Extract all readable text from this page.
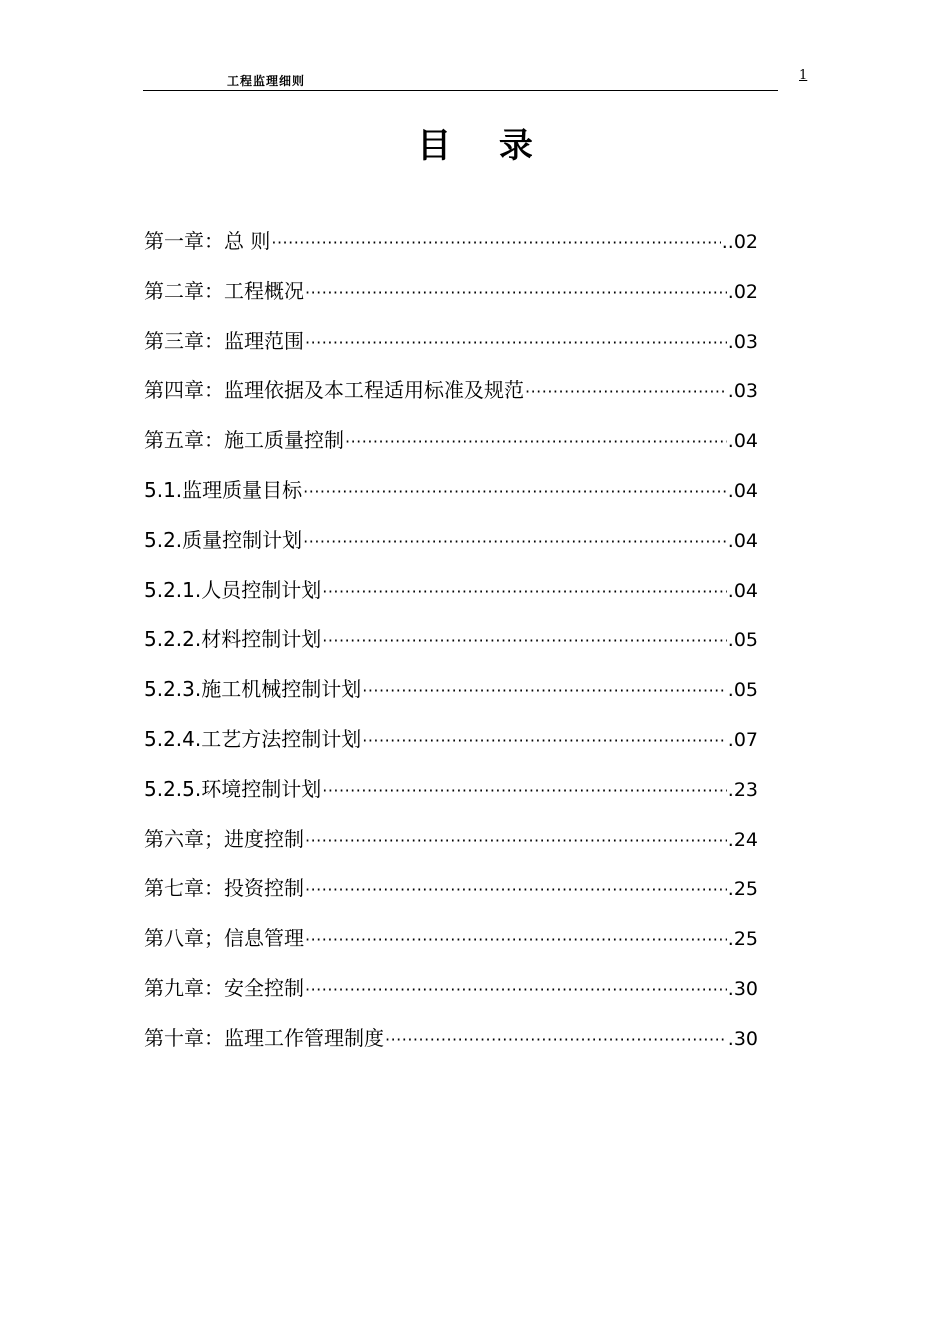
工程监理细则	1
目 录
第一章：总 则 ·····	..02
第二章：工程概况 ·····	.02
第三章：监理范围 ·····	.03
第四章：监理依据及本工程适用标准及规范 ·····	.03
第五章：施工质量控制 ·····	.04
5.1.监理质量目标 ·····	.04
5.2.质量控制计划 ·····	.04
5.2.1.人员控制计划 ·····	.04
5.2.2.材料控制计划 ·····	.05
5.2.3.施工机械控制计划 ·····	.05
5.2.4.工艺方法控制计划 ·····	.07
5.2.5.环境控制计划 ·····	.23
第六章；进度控制 ·····	.24
第七章：投资控制 ·····	.25
第八章；信息管理 ·····	.25
第九章：安全控制 ·····	.30
第十章：监理工作管理制度 ·····	.30
